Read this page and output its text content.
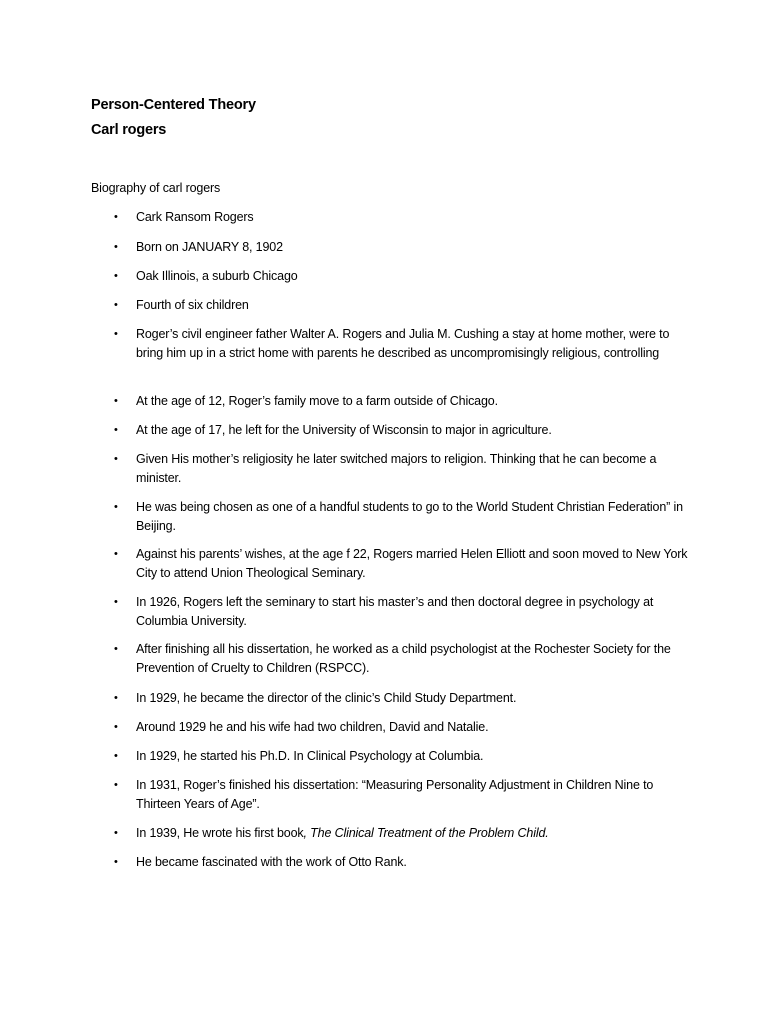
Person-Centered Theory
Carl rogers
Biography of carl rogers
• Cark Ransom Rogers
• Born on JANUARY 8, 1902
• Oak Illinois, a suburb Chicago
• Fourth of six children
• Roger’s civil engineer father Walter A. Rogers and Julia M. Cushing a stay at home mother, were to bring him up in a strict home with parents he described as uncompromisingly religious, controlling
• At the age of 12, Roger’s family move to a farm outside of Chicago.
• At the age of 17, he left for the University of Wisconsin to major in agriculture.
• Given His mother’s religiosity he later switched majors to religion. Thinking that he can become a minister.
• He was being chosen as one of a handful students to go to the World Student Christian Federation” in Beijing.
• Against his parents’ wishes, at the age f 22, Rogers married Helen Elliott and soon moved to New York City to attend Union Theological Seminary.
• In 1926, Rogers left the seminary to start his master’s and then doctoral degree in psychology at Columbia University.
• After finishing all his dissertation, he worked as a child psychologist at the Rochester Society for the Prevention of Cruelty to Children (RSPCC).
• In 1929, he became the director of the clinic’s Child Study Department.
• Around 1929 he and his wife had two children, David and Natalie.
• In 1929, he started his Ph.D. In Clinical Psychology at Columbia.
• In 1931, Roger’s finished his dissertation: “Measuring Personality Adjustment in Children Nine to Thirteen Years of Age”.
• In 1939, He wrote his first book, The Clinical Treatment of the Problem Child.
• He became fascinated with the work of Otto Rank.
